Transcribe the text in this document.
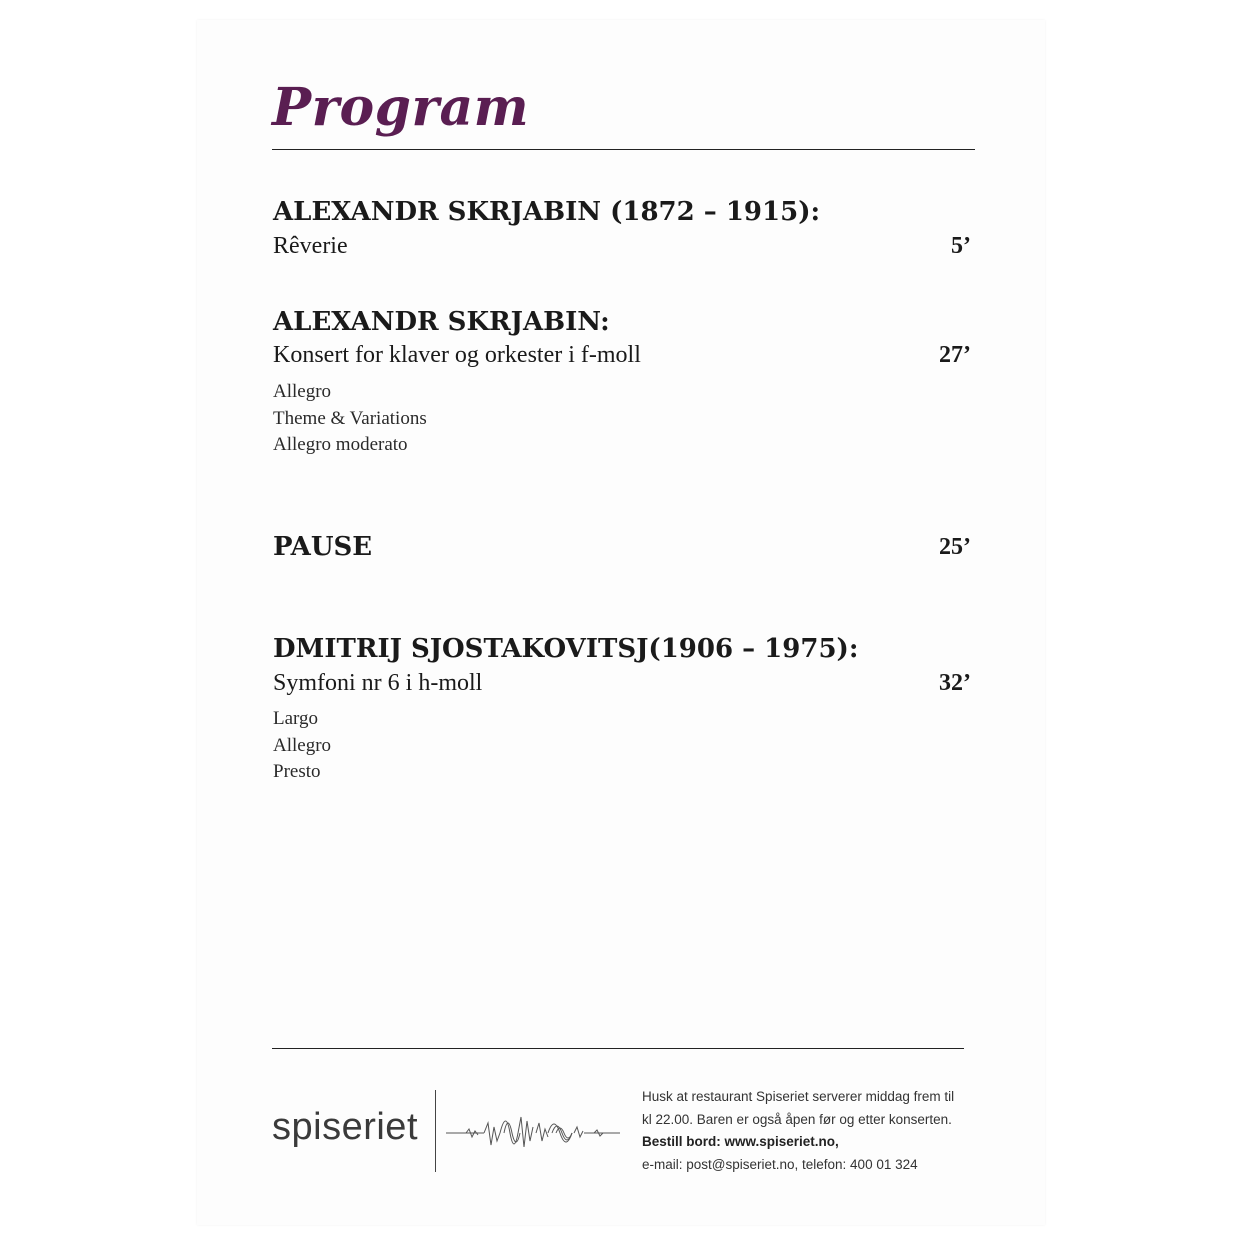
Program
ALEXANDR SKRJABIN (1872 – 1915):
Rêverie	5’
ALEXANDR SKRJABIN:
Konsert for klaver og orkester i f-moll	27’
Allegro
Theme & Variations
Allegro moderato
PAUSE	25’
DMITRIJ SJOSTAKOVITSJ(1906 – 1975):
Symfoni nr 6 i h-moll	32’
Largo
Allegro
Presto
spiseriet
Husk at restaurant Spiseriet serverer middag frem til
kl 22.00. Baren er også åpen før og etter konserten.
Bestill bord: www.spiseriet.no,
e-mail: post@spiseriet.no, telefon: 400 01 324
